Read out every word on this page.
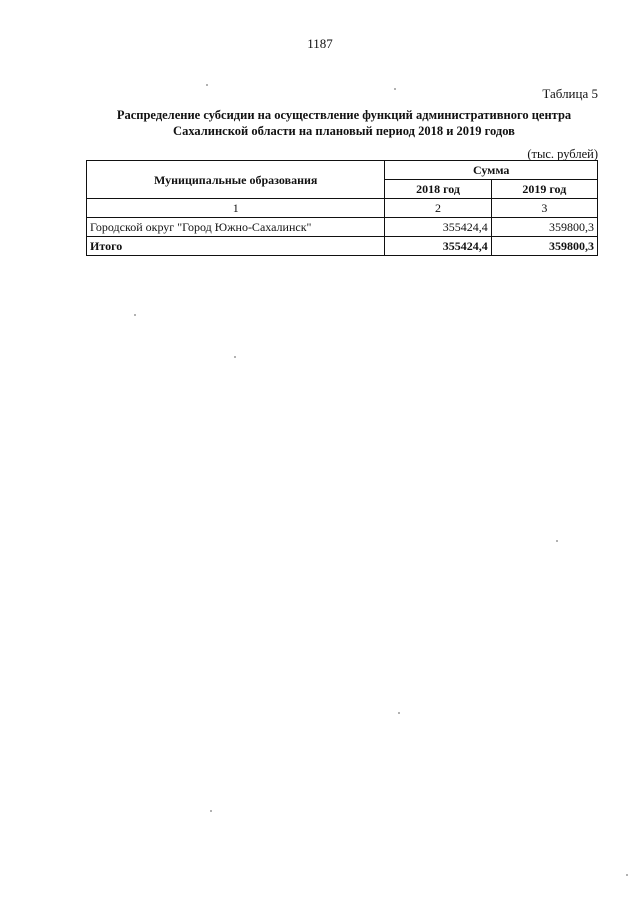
1187
Таблица 5
Распределение субсидии на осуществление функций административного центра
Сахалинской области на плановый период 2018 и 2019 годов
(тыс. рублей)
Муниципальные образования	Сумма	
	2018 год	2019 год
1	2	3
Городской округ "Город Южно-Сахалинск"	355424,4	359800,3
Итого	355424,4	359800,3
